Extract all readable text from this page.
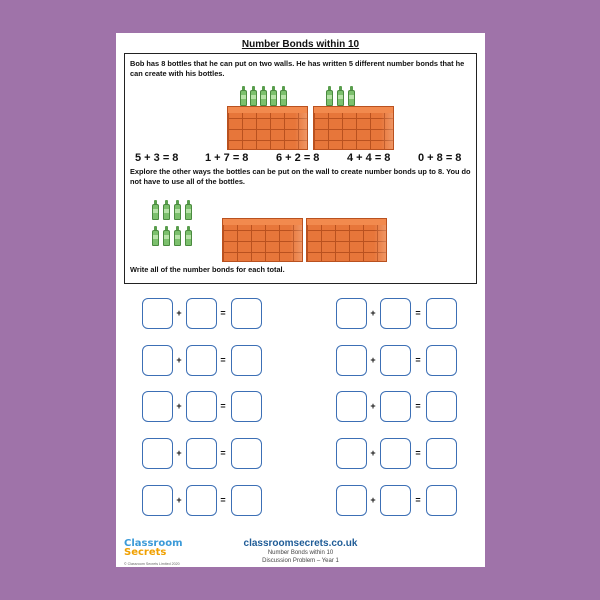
Number Bonds within 10
Bob has 8 bottles that he can put on two walls. He has written 5 different number bonds that he can create with his bottles.
5 + 3 = 8 1 + 7 = 8	6 + 2 = 8	4 + 4 = 8	0 + 8 = 8
Explore the other ways the bottles can be put on the wall to create number bonds up to 8. You do not have to use all of the bottles.
Write all of the number bonds for each total.
+	=
+	=
+	=
+	=
+	=
+	=
+	=
+	=
+	=
+	=
Classroom
Secrets
© Classroom Secrets Limited 2020
classroomsecrets.co.uk
Number Bonds within 10
Discussion Problem – Year 1
